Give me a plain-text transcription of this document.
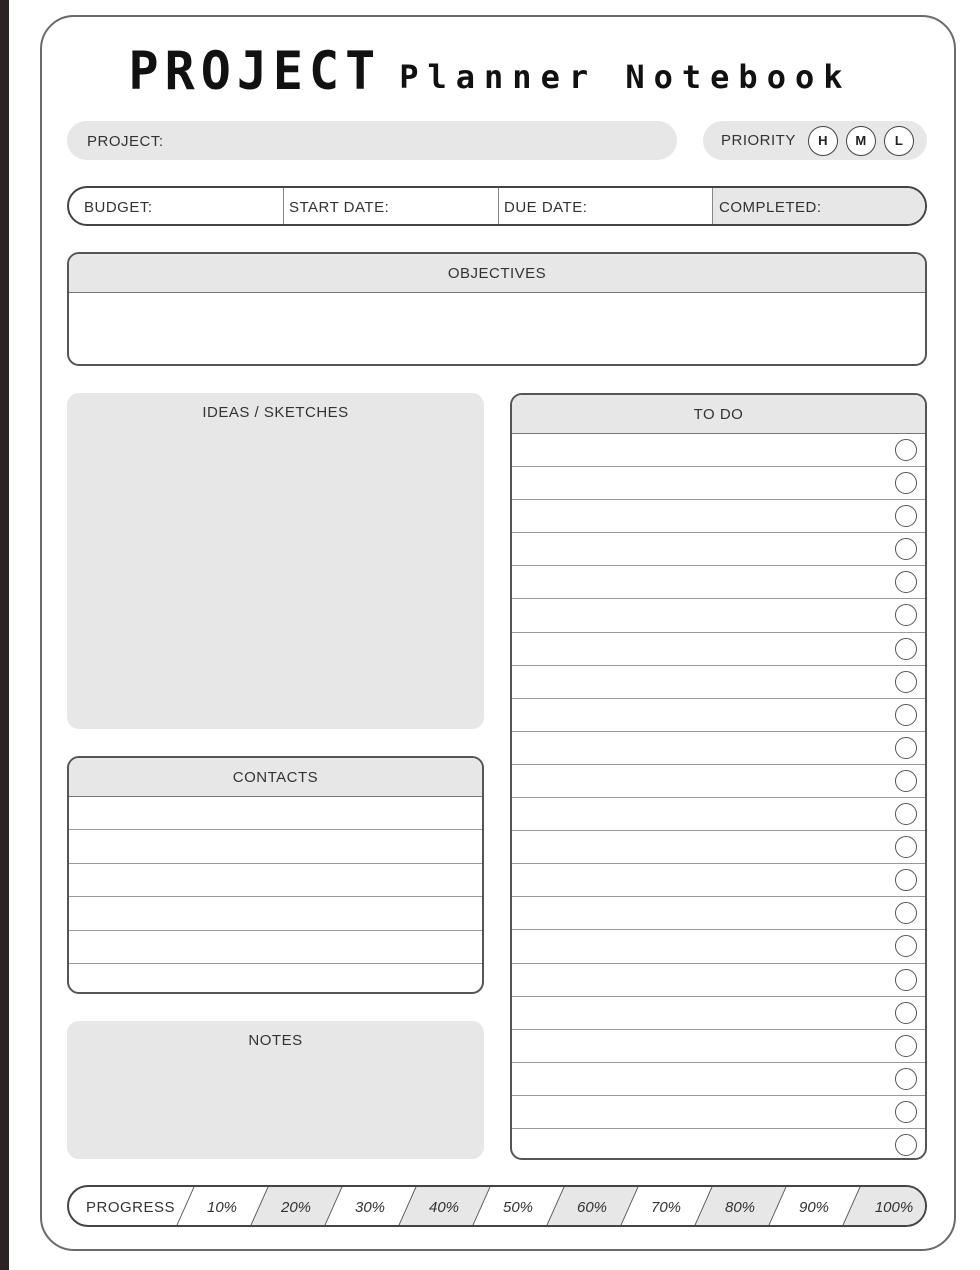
PROJECT Planner Notebook
PROJECT:	PRIORITY	H	M	L
BUDGET:	START DATE:	DUE DATE:	COMPLETED:
OBJECTIVES
IDEAS / SKETCHES
CONTACTS
NOTES
TO DO
10%	20%	30%	40%	50%	60%	70%	80%	90%	100%
PROGRESS
